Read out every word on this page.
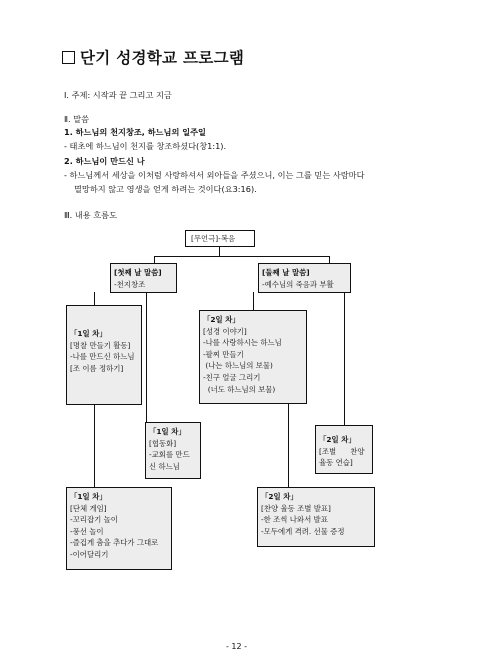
단기 성경학교 프로그램
Ⅰ. 주제: 시작과 끝 그리고 지금
Ⅱ. 말씀
1. 하느님의 천지창조, 하느님의 일주일
- 태초에 하느님이 천지를 창조하셨다(창1:1).
2. 하느님이 만드신 나
- 하느님께서 세상을 이처럼 사랑하셔서 외아들을 주셨으니, 이는 그를 믿는 사람마다
멸망하지 않고 영생을 얻게 하려는 것이다(요3:16).
Ⅲ. 내용 흐름도
[무언극]-복음
[첫째 날 말씀]
-천지창조
[둘째 날 말씀]
-예수님의 죽음과 부활
「1일 차」
[명찰 만들기 활동]
-나를 만드신 하느님
[조 이름 정하기]
「2일 차」
[성경 이야기]
-나를 사랑하시는 하느님
-팔찌 만들기
(나는 하느님의 보물)
-친구 얼굴 그리기
(너도 하느님의 보물)
「1일 차」
[협동화]
-교회를 만드
신 하느님
「2일 차」
[조별      찬양
율동 연습]
「1일 차」
[단체 게임]
-꼬리잡기 놀이
-풍선 놀이
-즐겁게 춤을 추다가 그대로
-이어달리기
「2일 차」
[찬양 율동 조별 발표]
-한 조씩 나와서 발표
-모두에게 격려. 선물 증정
- 12 -
